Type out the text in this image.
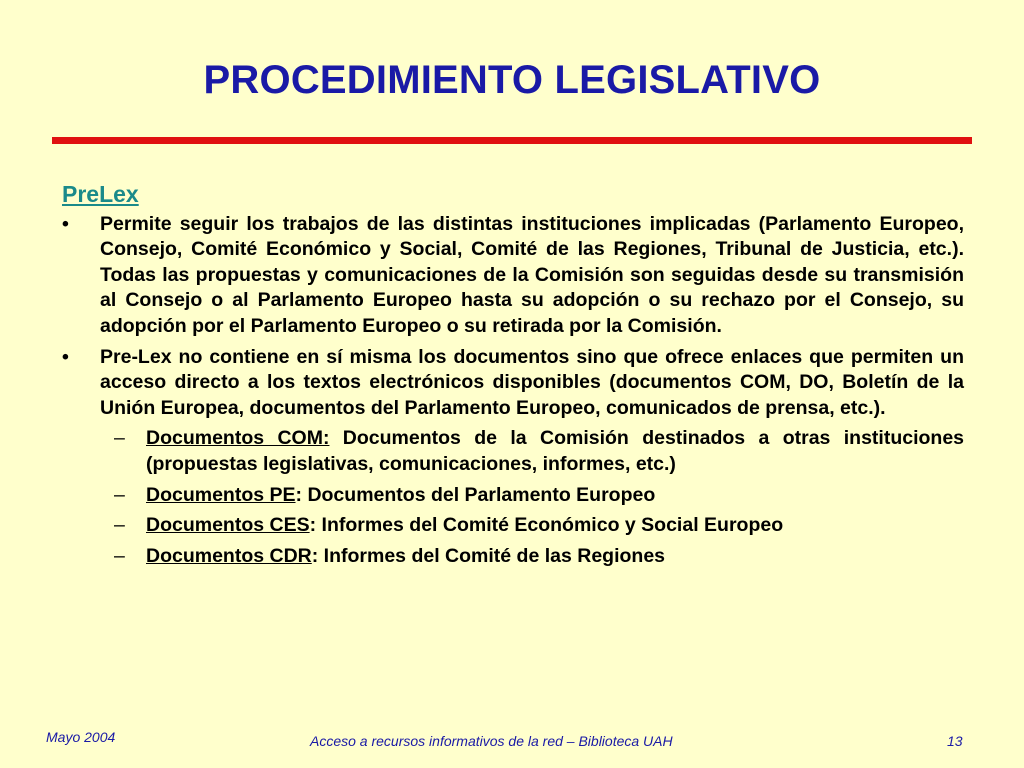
PROCEDIMIENTO LEGISLATIVO
PreLex
• Permite seguir los trabajos de las distintas instituciones implicadas (Parlamento Europeo, Consejo, Comité Económico y Social, Comité de las Regiones, Tribunal de Justicia, etc.). Todas las propuestas y comunicaciones de la Comisión son seguidas desde su transmisión al Consejo o al Parlamento Europeo hasta su adopción o su rechazo por el Consejo, su adopción por el Parlamento Europeo o su retirada por la Comisión.
• Pre-Lex no contiene en sí misma los documentos sino que ofrece enlaces que permiten un acceso directo a los textos electrónicos disponibles (documentos COM, DO, Boletín de la Unión Europea, documentos del Parlamento Europeo, comunicados de prensa, etc.).
– Documentos COM: Documentos de la Comisión destinados a otras instituciones (propuestas legislativas, comunicaciones, informes, etc.)
– Documentos PE: Documentos del Parlamento Europeo
– Documentos CES: Informes del Comité Económico y Social Europeo
– Documentos CDR: Informes del Comité de las Regiones
Mayo 2004	Acceso a recursos informativos de la red – Biblioteca UAH	13
